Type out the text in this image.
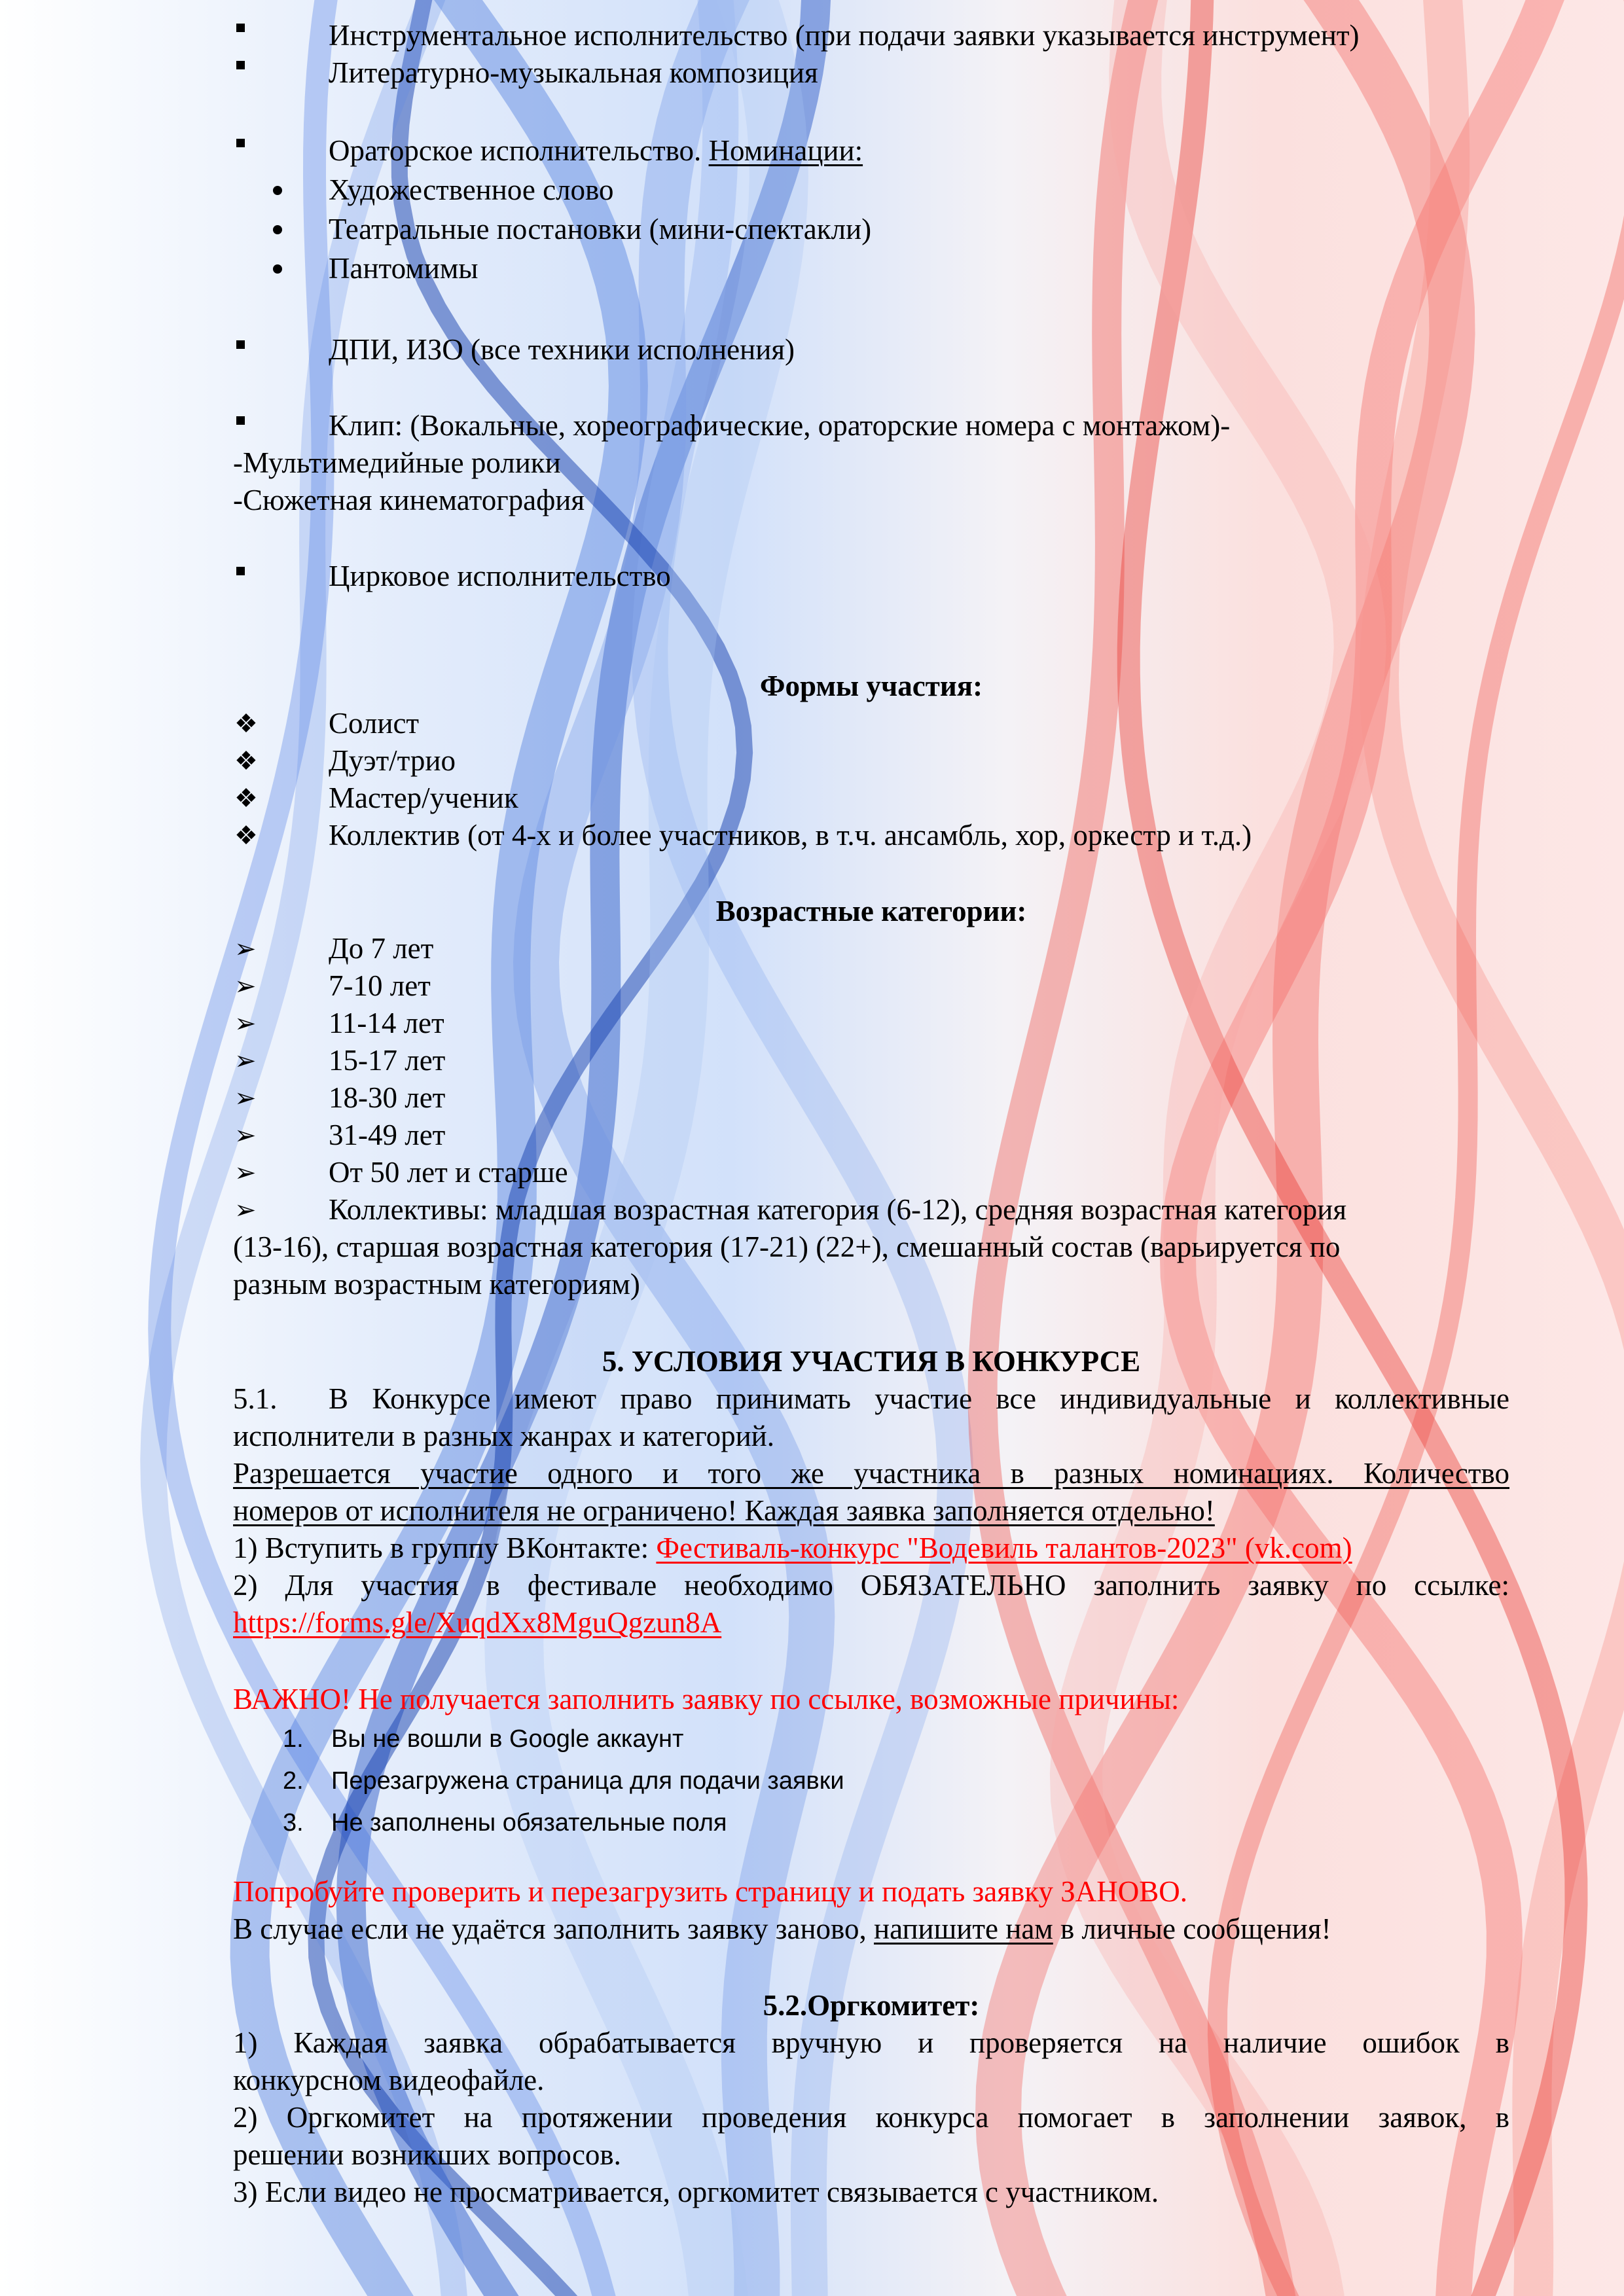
Инструментальное исполнительство (при подачи заявки указывается инструмент)
Литературно-музыкальная композиция
Ораторское исполнительство. Номинации:
Художественное слово
Театральные постановки (мини-спектакли)
Пантомимы
ДПИ, ИЗО (все техники исполнения)
Клип: (Вокальные, хореографические, ораторские номера с монтажом)-
-Мультимедийные ролики
-Сюжетная кинематография
Цирковое исполнительство
Формы участия:
❖ Солист
❖ Дуэт/трио
❖ Мастер/ученик
❖ Коллектив (от 4-х и более участников, в т.ч. ансамбль, хор, оркестр и т.д.)
Возрастные категории:
➢ До 7 лет
➢ 7-10 лет
➢ 11-14 лет
➢ 15-17 лет
➢ 18-30 лет
➢ 31-49 лет
➢ От 50 лет и старше
➢ Коллективы: младшая возрастная категория (6-12), средняя возрастная категория
(13-16), старшая возрастная категория (17-21) (22+), смешанный состав (варьируется по
разным возрастным категориям)
5. УСЛОВИЯ УЧАСТИЯ В КОНКУРСЕ
5.1. В Конкурсе имеют право принимать участие все индивидуальные и коллективные
исполнители в разных жанрах и категорий.
Разрешается участие одного и того же участника в разных номинациях. Количество
номеров от исполнителя не ограничено! Каждая заявка заполняется отдельно!
1) Вступить в группу ВКонтакте: Фестиваль-конкурс "Водевиль талантов-2023" (vk.com)
2) Для участия в фестивале необходимо ОБЯЗАТЕЛЬНО заполнить заявку по ссылке:
https://forms.gle/XuqdXx8MguQgzun8A
ВАЖНО! Не получается заполнить заявку по ссылке, возможные причины:
1. Вы не вошли в Google аккаунт
2. Перезагружена страница для подачи заявки
3. Не заполнены обязательные поля
Попробуйте проверить и перезагрузить страницу и подать заявку ЗАНОВО.
В случае если не удаётся заполнить заявку заново, напишите нам в личные сообщения!
5.2.Оргкомитет:
1) Каждая заявка обрабатывается вручную и проверяется на наличие ошибок в
конкурсном видеофайле.
2) Оргкомитет на протяжении проведения конкурса помогает в заполнении заявок, в
решении возникших вопросов.
3) Если видео не просматривается, оргкомитет связывается с участником.
